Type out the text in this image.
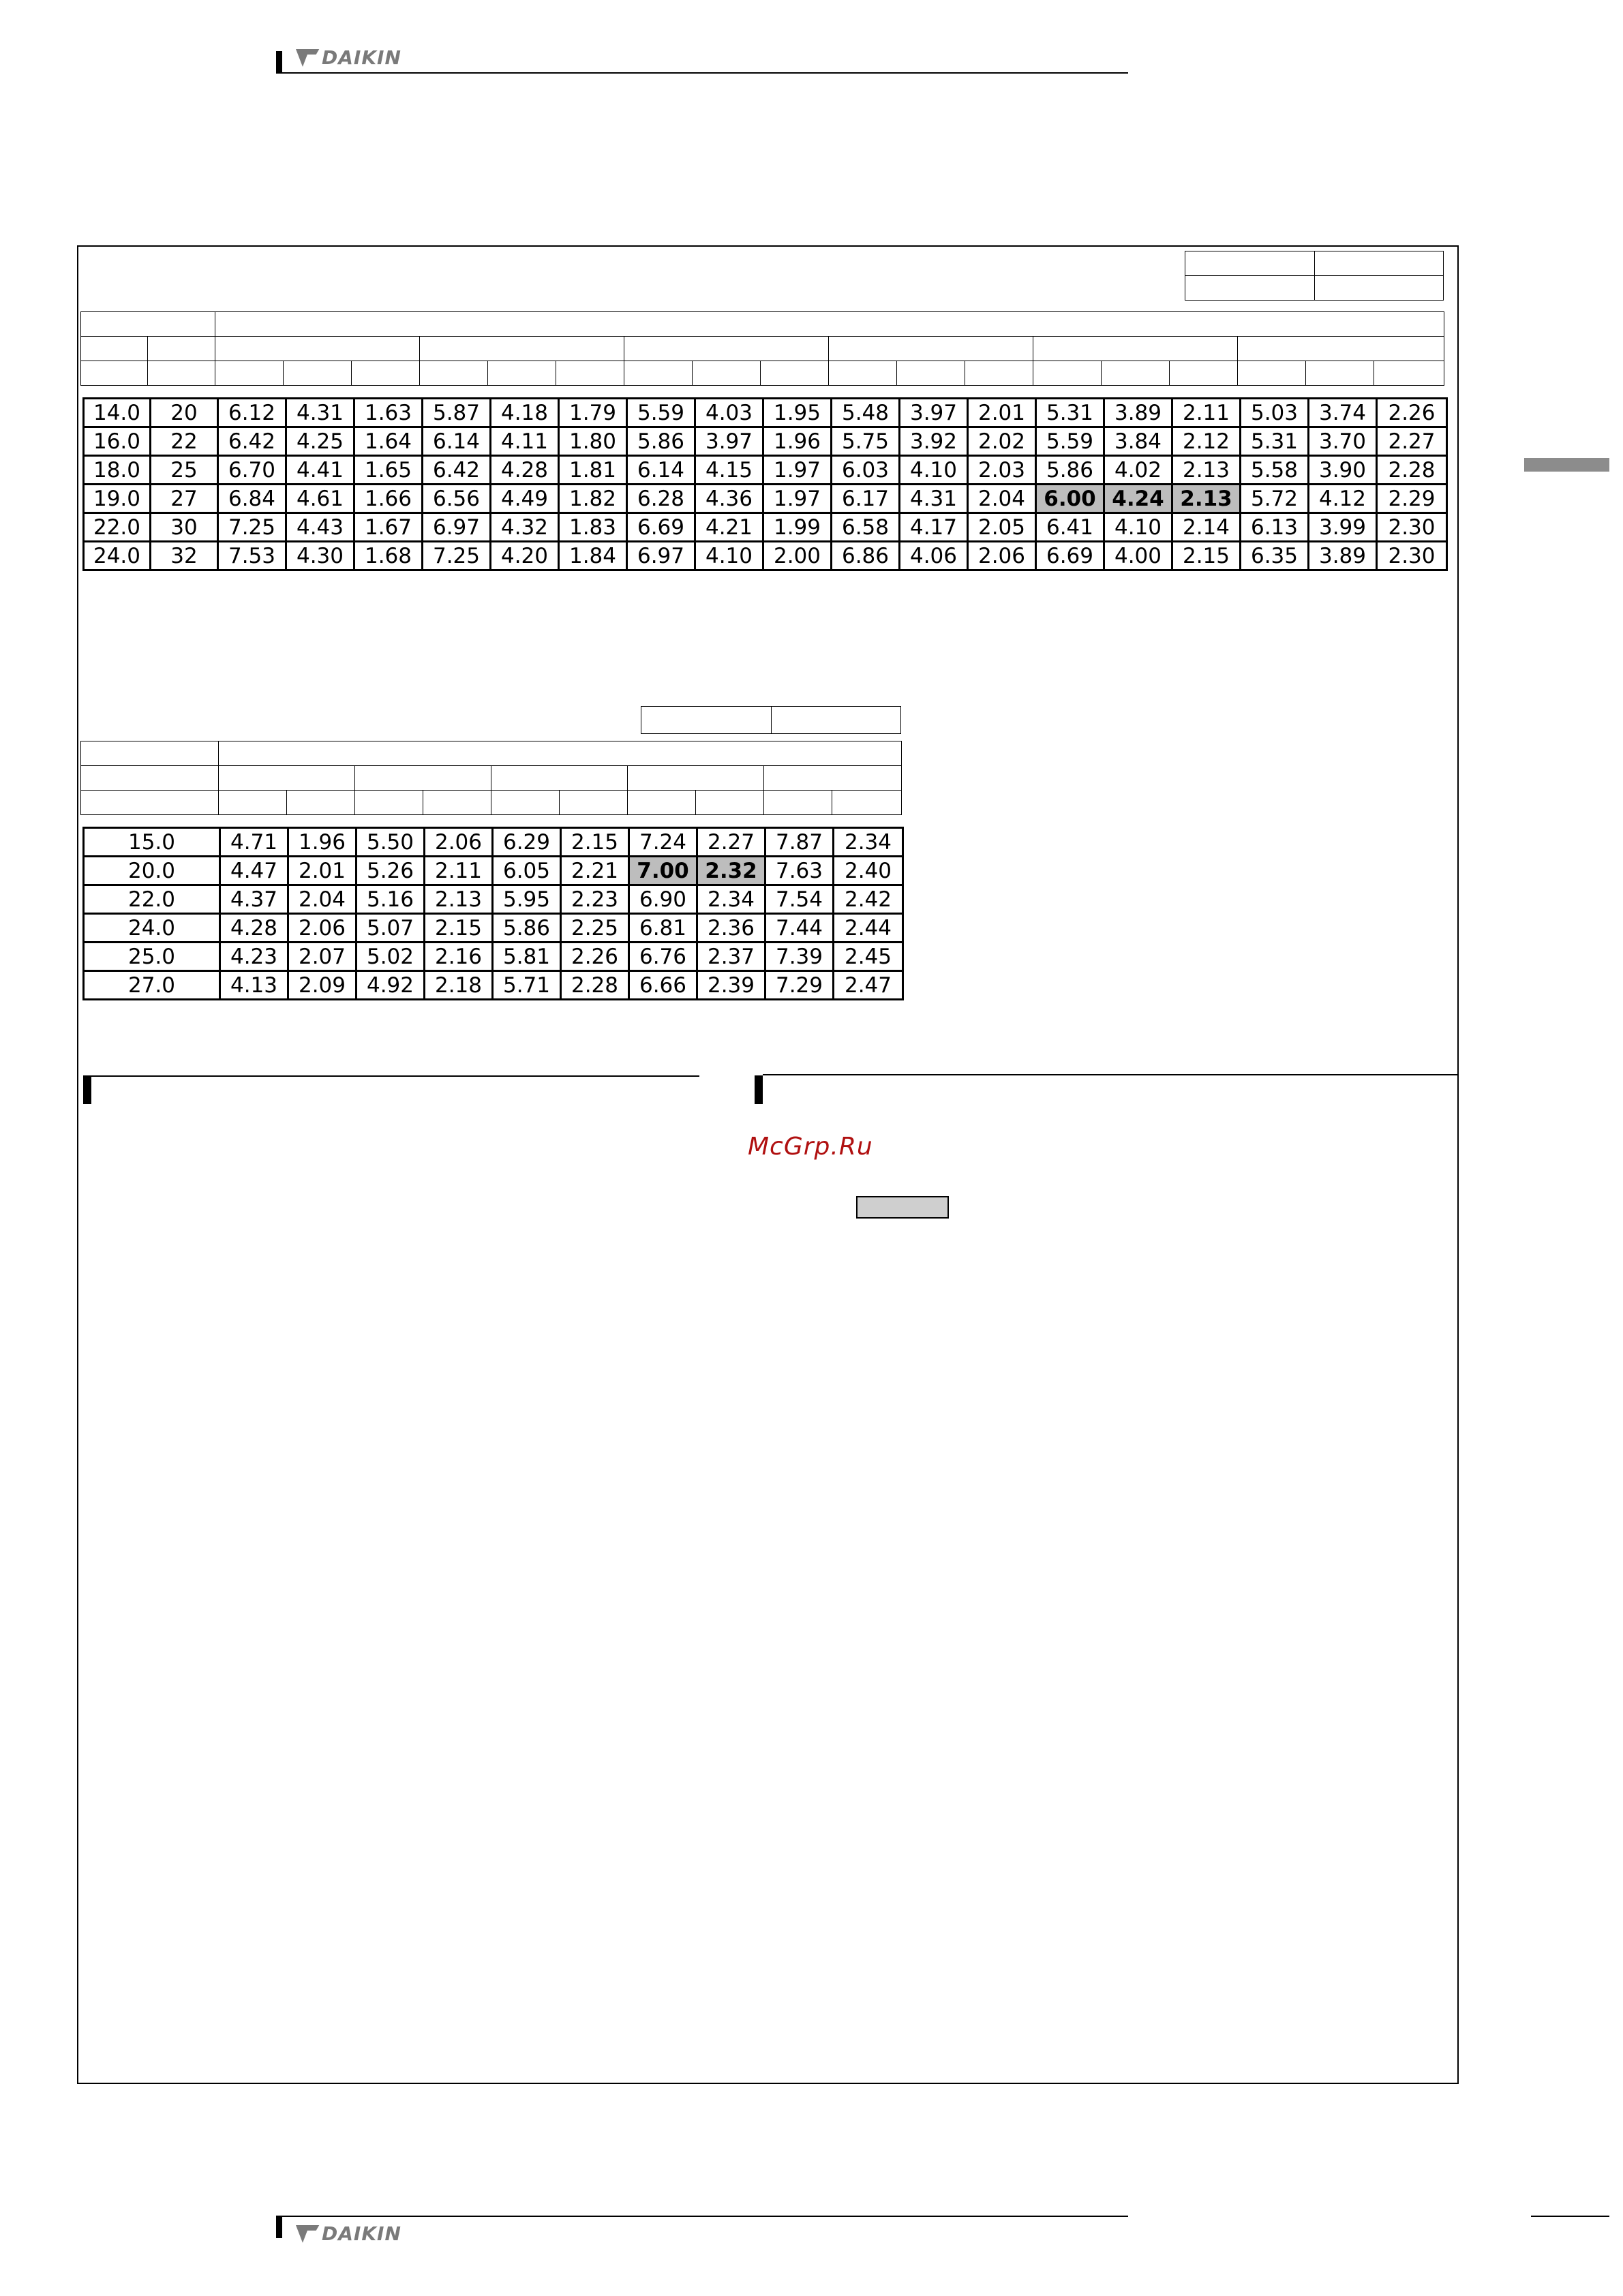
DAIKIN

14.0	20	6.12	4.31	1.63	5.87	4.18	1.79	5.59	4.03	1.95	5.48	3.97	2.01	5.31	3.89	2.11	5.03	3.74	2.26
16.0	22	6.42	4.25	1.64	6.14	4.11	1.80	5.86	3.97	1.96	5.75	3.92	2.02	5.59	3.84	2.12	5.31	3.70	2.27
18.0	25	6.70	4.41	1.65	6.42	4.28	1.81	6.14	4.15	1.97	6.03	4.10	2.03	5.86	4.02	2.13	5.58	3.90	2.28
19.0	27	6.84	4.61	1.66	6.56	4.49	1.82	6.28	4.36	1.97	6.17	4.31	2.04	6.00	4.24	2.13	5.72	4.12	2.29
22.0	30	7.25	4.43	1.67	6.97	4.32	1.83	6.69	4.21	1.99	6.58	4.17	2.05	6.41	4.10	2.14	6.13	3.99	2.30
24.0	32	7.53	4.30	1.68	7.25	4.20	1.84	6.97	4.10	2.00	6.86	4.06	2.06	6.69	4.00	2.15	6.35	3.89	2.30

15.0	4.71	1.96	5.50	2.06	6.29	2.15	7.24	2.27	7.87	2.34
20.0	4.47	2.01	5.26	2.11	6.05	2.21	7.00	2.32	7.63	2.40
22.0	4.37	2.04	5.16	2.13	5.95	2.23	6.90	2.34	7.54	2.42
24.0	4.28	2.06	5.07	2.15	5.86	2.25	6.81	2.36	7.44	2.44
25.0	4.23	2.07	5.02	2.16	5.81	2.26	6.76	2.37	7.39	2.45
27.0	4.13	2.09	4.92	2.18	5.71	2.28	6.66	2.39	7.29	2.47
McGrp.Ru
DAIKIN
